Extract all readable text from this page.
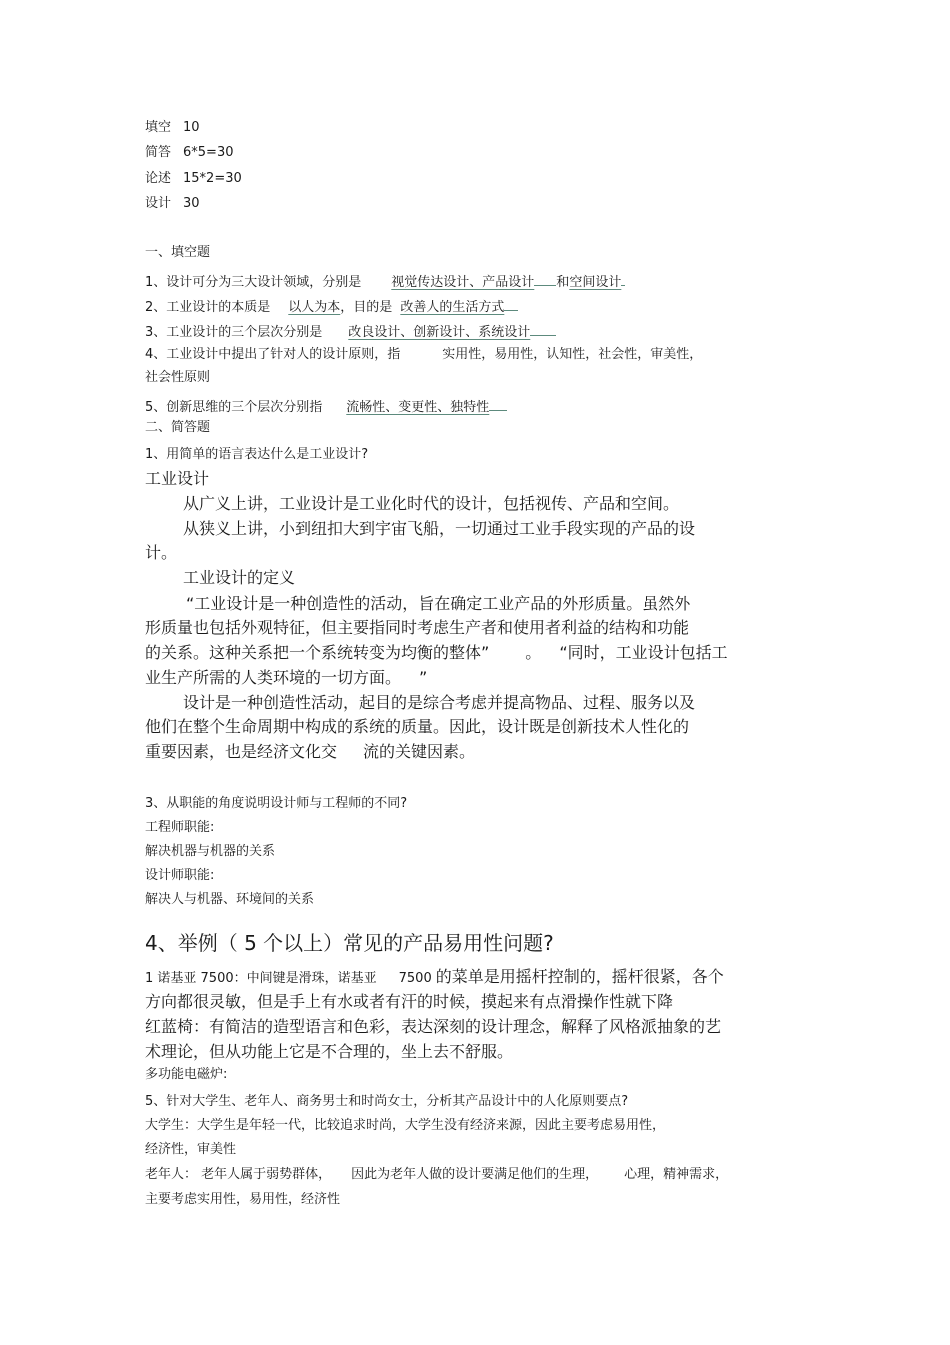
填空 10
简答 6*5=30
论述 15*2=30
设计 30
一、填空题
1、设计可分为三大设计领域，分别是 视觉传达设计、产品设计 和空间设计
2、工业设计的本质是 以人为本，目的是 改善人的生活方式
3、工业设计的三个层次分别是 改良设计、创新设计、系统设计
4、工业设计中提出了针对人的设计原则，指	实用性，易用性，认知性，社会性，审美性，
社会性原则
5、创新思维的三个层次分别指 流畅性、变更性、独特性
二、简答题
1、用简单的语言表达什么是工业设计?
工业设计
从广义上讲，工业设计是工业化时代的设计，包括视传、产品和空间。
从狭义上讲，小到纽扣大到宇宙飞船，一切通过工业手段实现的产品的设
计。
工业设计的定义
“工业设计是一种创造性的活动，旨在确定工业产品的外形质量。虽然外
形质量也包括外观特征，但主要指同时考虑生产者和使用者利益的结构和功能
的关系。这种关系把一个系统转变为均衡的整体” 。 “同时，工业设计包括工
业生产所需的人类环境的一切方面。 ”
设计是一种创造性活动，起目的是综合考虑并提高物品、过程、服务以及
他们在整个生命周期中构成的系统的质量。因此，设计既是创新技术人性化的
重要因素，也是经济文化交 流的关键因素。
3、从职能的角度说明设计师与工程师的不同?
工程师职能:
解决机器与机器的关系
设计师职能:
解决人与机器、环境间的关系
4、举例（ 5 个以上）常见的产品易用性问题?
1 诺基亚 7500：中间键是滑珠，诺基亚 7500 的菜单是用摇杆控制的，摇杆很紧，各个
方向都很灵敏，但是手上有水或者有汗的时候，摸起来有点滑操作性就下降
红蓝椅：有简洁的造型语言和色彩，表达深刻的设计理念，解释了风格派抽象的艺
术理论，但从功能上它是不合理的，坐上去不舒服。
多功能电磁炉:
5、针对大学生、老年人、商务男士和时尚女士，分析其产品设计中的人化原则要点?
大学生：大学生是年轻一代，比较追求时尚，大学生没有经济来源，因此主要考虑易用性，
经济性，审美性
老年人： 老年人属于弱势群体， 因此为老年人做的设计要满足他们的生理， 心理，精神需求，
主要考虑实用性，易用性，经济性
